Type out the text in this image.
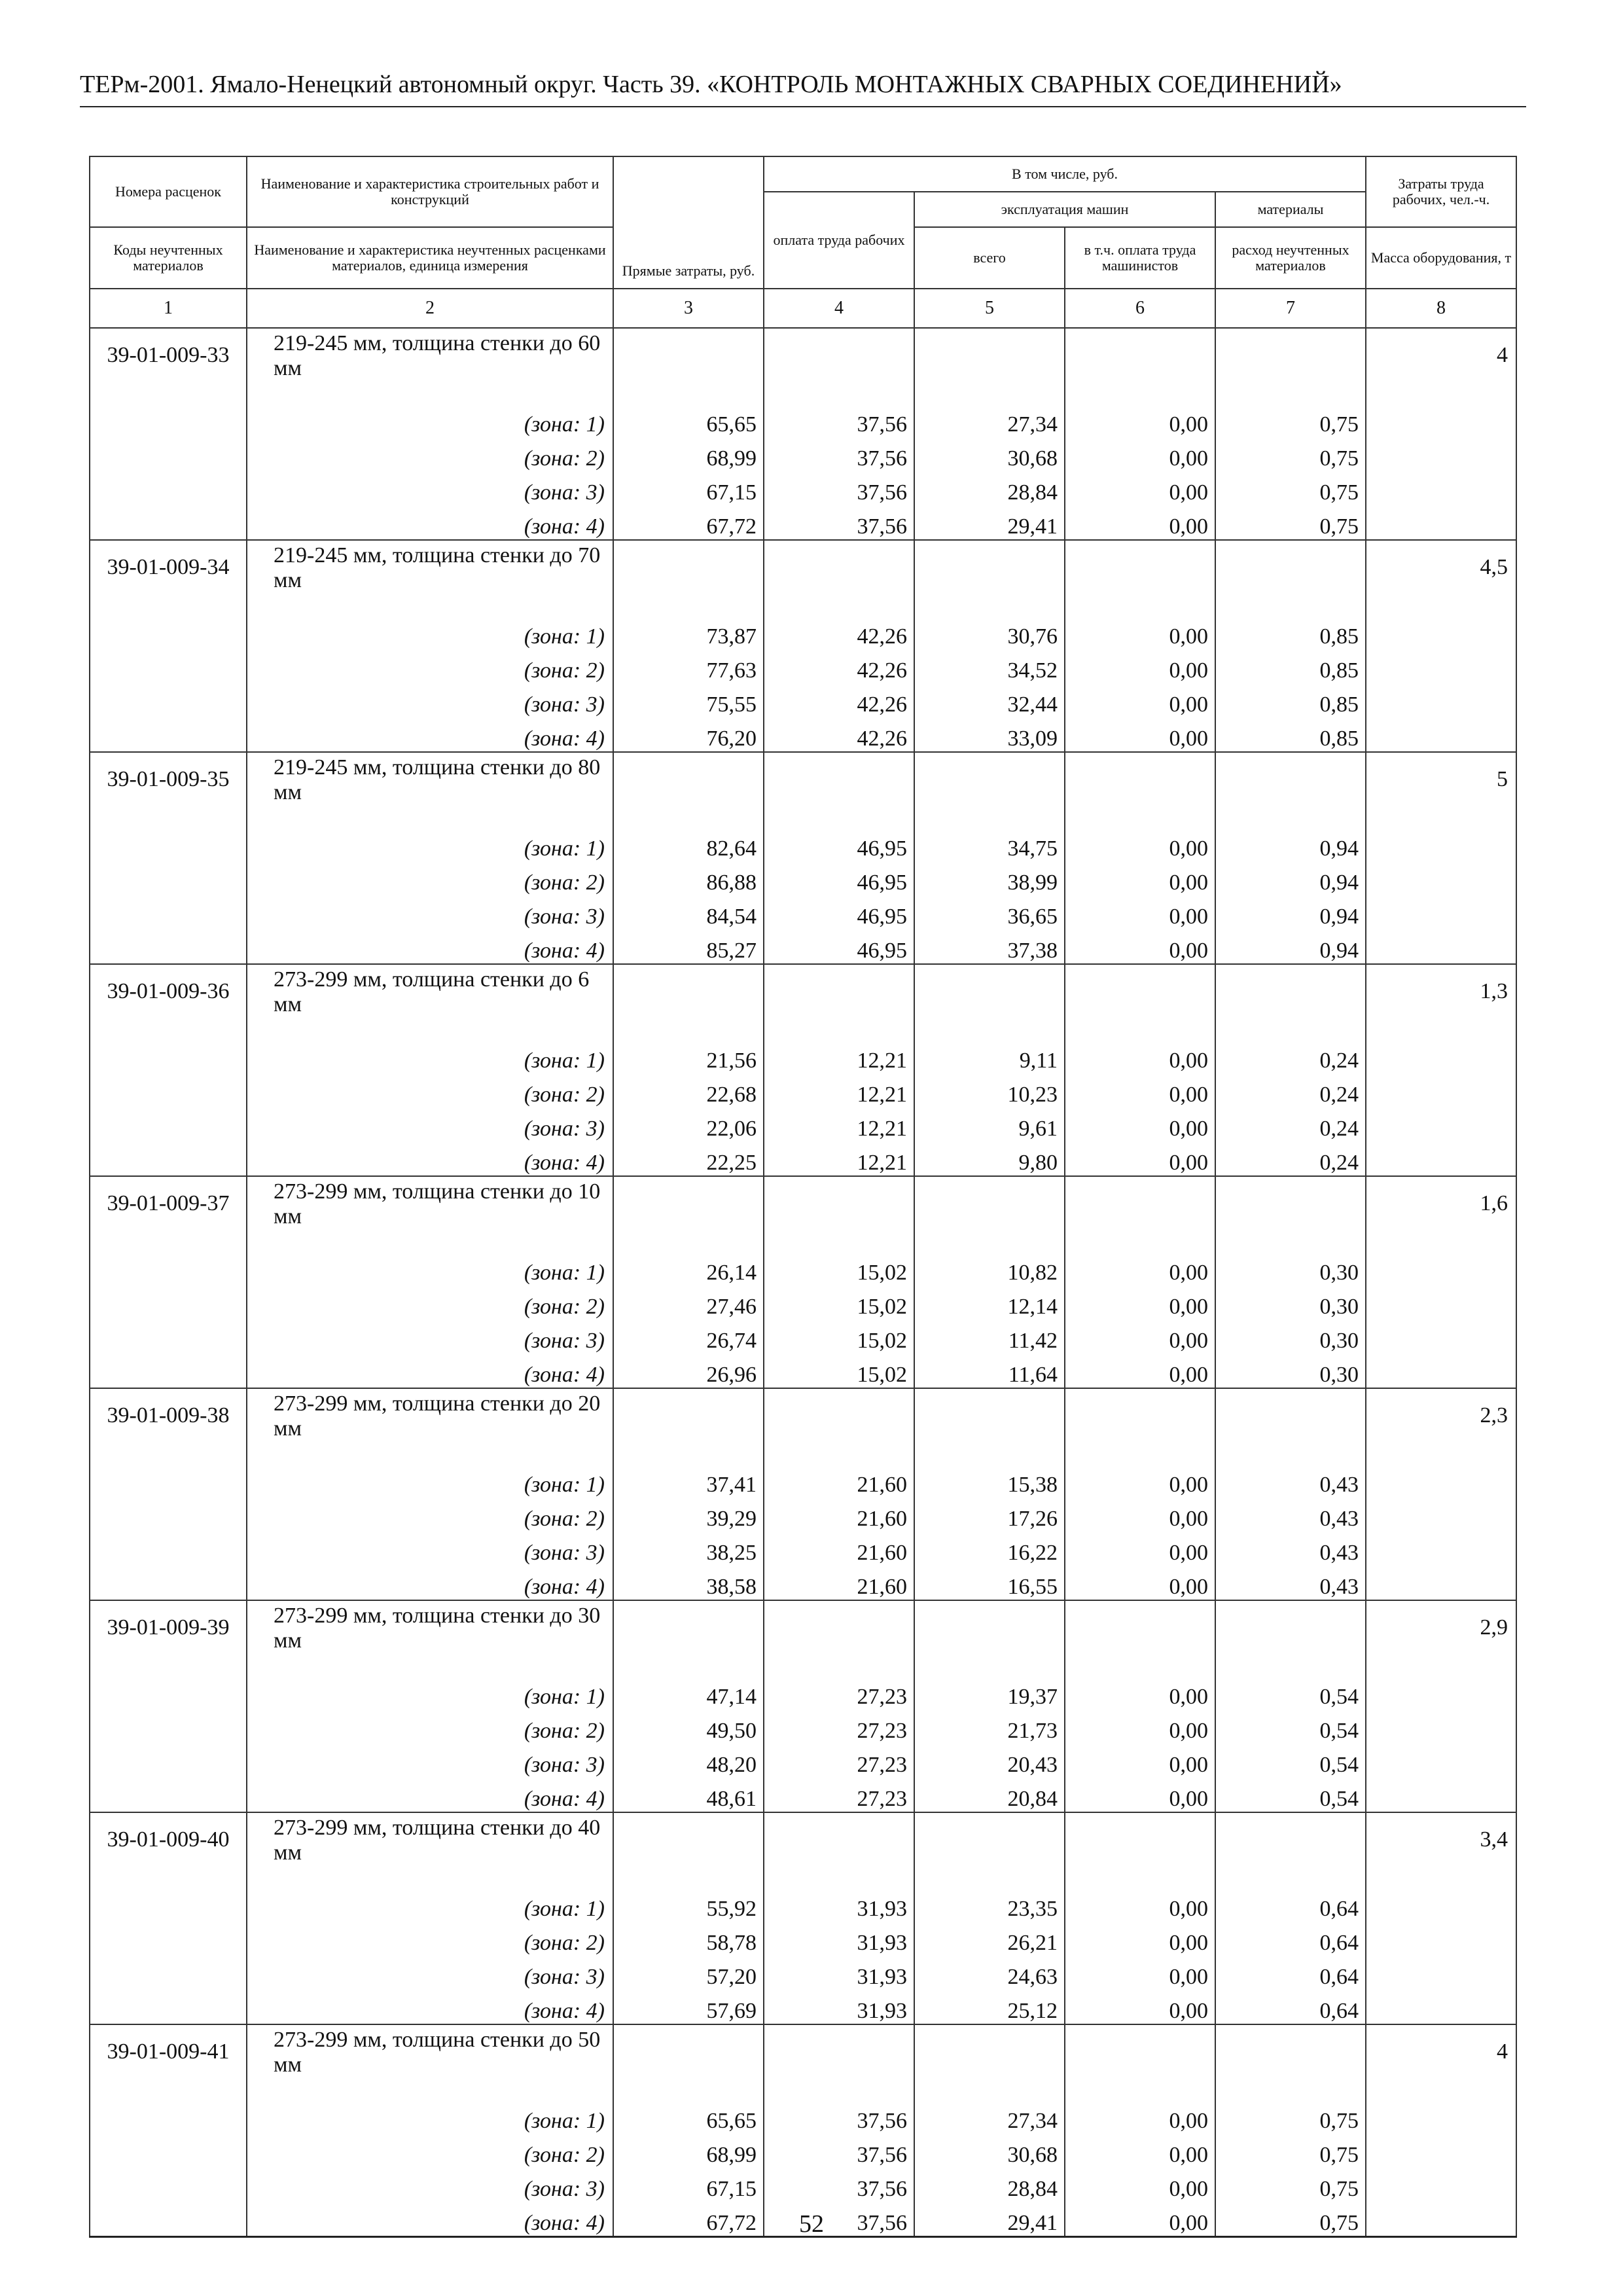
ТЕРм-2001. Ямало-Ненецкий автономный округ. Часть 39. «КОНТРОЛЬ МОНТАЖНЫХ СВАРНЫХ СОЕДИНЕНИЙ»
Номера расценок	Наименование и характеристика строительных работ и конструкций	Прямые затраты, руб.	В том числе, руб.				Затраты труда рабочих, чел.-ч.
			оплата труда рабочих	эксплуатация машин		материалы	
Коды неучтенных материалов	Наименование и характеристика неучтенных расценками материалов, единица измерения			всего	в т.ч. оплата труда машинистов	расход неучтенных материалов	Масса оборудования, т
1	2	3	4	5	6	7	8
39-01-009-33	219-245 мм, толщина стенки до 60 мм						4
	(зона: 1)	65,65	37,56	27,34	0,00	0,75	
	(зона: 2)	68,99	37,56	30,68	0,00	0,75	
	(зона: 3)	67,15	37,56	28,84	0,00	0,75	
	(зона: 4)	67,72	37,56	29,41	0,00	0,75	
39-01-009-34	219-245 мм, толщина стенки до 70 мм						4,5
	(зона: 1)	73,87	42,26	30,76	0,00	0,85	
	(зона: 2)	77,63	42,26	34,52	0,00	0,85	
	(зона: 3)	75,55	42,26	32,44	0,00	0,85	
	(зона: 4)	76,20	42,26	33,09	0,00	0,85	
39-01-009-35	219-245 мм, толщина стенки до 80 мм						5
	(зона: 1)	82,64	46,95	34,75	0,00	0,94	
	(зона: 2)	86,88	46,95	38,99	0,00	0,94	
	(зона: 3)	84,54	46,95	36,65	0,00	0,94	
	(зона: 4)	85,27	46,95	37,38	0,00	0,94	
39-01-009-36	273-299 мм, толщина стенки до 6 мм						1,3
	(зона: 1)	21,56	12,21	9,11	0,00	0,24	
	(зона: 2)	22,68	12,21	10,23	0,00	0,24	
	(зона: 3)	22,06	12,21	9,61	0,00	0,24	
	(зона: 4)	22,25	12,21	9,80	0,00	0,24	
39-01-009-37	273-299 мм, толщина стенки до 10 мм						1,6
	(зона: 1)	26,14	15,02	10,82	0,00	0,30	
	(зона: 2)	27,46	15,02	12,14	0,00	0,30	
	(зона: 3)	26,74	15,02	11,42	0,00	0,30	
	(зона: 4)	26,96	15,02	11,64	0,00	0,30	
39-01-009-38	273-299 мм, толщина стенки до 20 мм						2,3
	(зона: 1)	37,41	21,60	15,38	0,00	0,43	
	(зона: 2)	39,29	21,60	17,26	0,00	0,43	
	(зона: 3)	38,25	21,60	16,22	0,00	0,43	
	(зона: 4)	38,58	21,60	16,55	0,00	0,43	
39-01-009-39	273-299 мм, толщина стенки до 30 мм						2,9
	(зона: 1)	47,14	27,23	19,37	0,00	0,54	
	(зона: 2)	49,50	27,23	21,73	0,00	0,54	
	(зона: 3)	48,20	27,23	20,43	0,00	0,54	
	(зона: 4)	48,61	27,23	20,84	0,00	0,54	
39-01-009-40	273-299 мм, толщина стенки до 40 мм						3,4
	(зона: 1)	55,92	31,93	23,35	0,00	0,64	
	(зона: 2)	58,78	31,93	26,21	0,00	0,64	
	(зона: 3)	57,20	31,93	24,63	0,00	0,64	
	(зона: 4)	57,69	31,93	25,12	0,00	0,64	
39-01-009-41	273-299 мм, толщина стенки до 50 мм						4
	(зона: 1)	65,65	37,56	27,34	0,00	0,75	
	(зона: 2)	68,99	37,56	30,68	0,00	0,75	
	(зона: 3)	67,15	37,56	28,84	0,00	0,75	
	(зона: 4)	67,72	37,56	29,41	0,00	0,75	
52
